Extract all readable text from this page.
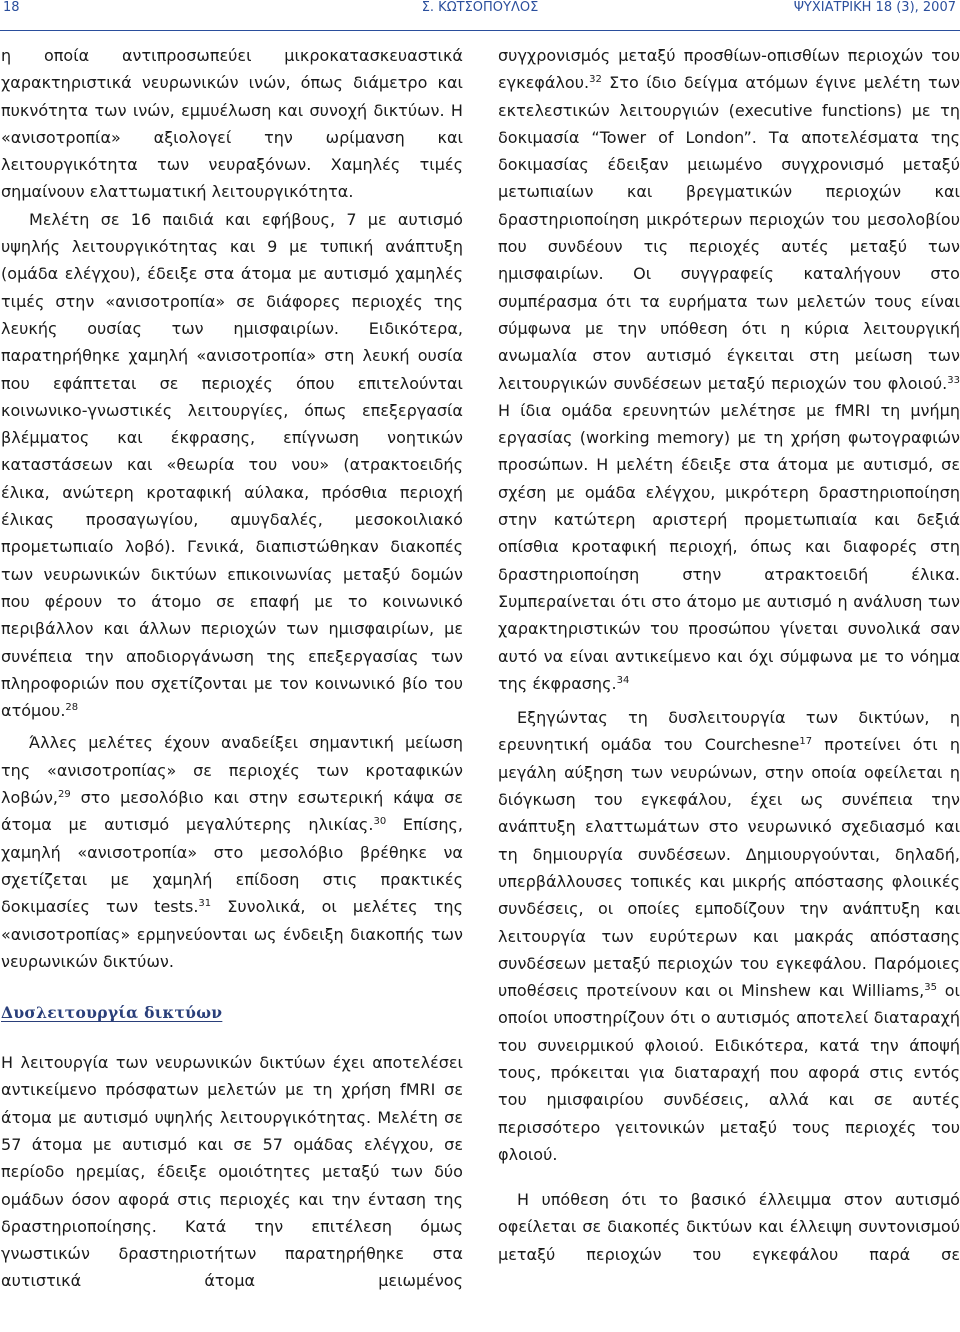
18	Σ. ΚΩΤΣΟΠΟΥΛΟΣ	ΨΥΧΙΑΤΡΙΚΗ 18 (3), 2007

η οποία αντιπροσωπεύει μικροκατασκευαστικά χαρακτηριστικά νευρωνικών ινών, όπως διάμετρο και πυκνότητα των ινών, εμμυέλωση και συνοχή δικτύων. Η «ανισοτροπία» αξιολογεί την ωρίμανση και λειτουργικότητα των νευραξόνων. Χαμηλές τιμές σημαίνουν ελαττωματική λειτουργικότητα.

Μελέτη σε 16 παιδιά και εφήβους, 7 με αυτισμό υψηλής λειτουργικότητας και 9 με τυπική ανάπτυξη (ομάδα ελέγχου), έδειξε στα άτομα με αυτισμό χαμηλές τιμές στην «ανισοτροπία» σε διάφορες περιοχές της λευκής ουσίας των ημισφαιρίων. Ειδικότερα, παρατηρήθηκε χαμηλή «ανισοτροπία» στη λευκή ουσία που εφάπτεται σε περιοχές όπου επιτελούνται κοινωνικο-γνωστικές λειτουργίες, όπως επεξεργασία βλέμματος και έκφρασης, επίγνωση νοητικών καταστάσεων και «θεωρία του νου» (ατρακτοειδής έλικα, ανώτερη κροταφική αύλακα, πρόσθια περιοχή έλικας προσαγωγίου, αμυγδαλές, μεσοκοιλιακό προμετωπιαίο λοβό). Γενικά, διαπιστώθηκαν διακοπές των νευρωνικών δικτύων επικοινωνίας μεταξύ δομών που φέρουν το άτομο σε επαφή με το κοινωνικό περιβάλλον και άλλων περιοχών των ημισφαιρίων, με συνέπεια την αποδιοργάνωση της επεξεργασίας των πληροφοριών που σχετίζονται με τον κοινωνικό βίο του ατόμου.$^{28}$

Άλλες μελέτες έχουν αναδείξει σημαντική μείωση της «ανισοτροπίας» σε περιοχές των κροταφικών λοβών,$^{29}$ στο μεσολόβιο και στην εσωτερική κάψα σε άτομα με αυτισμό μεγαλύτερης ηλικίας.$^{30}$ Επίσης, χαμηλή «ανισοτροπία» στο μεσολόβιο βρέθηκε να σχετίζεται με χαμηλή επίδοση στις πρακτικές δοκιμασίες των tests.$^{31}$ Συνολικά, οι μελέτες της «ανισοτροπίας» ερμηνεύονται ως ένδειξη διακοπής των νευρωνικών δικτύων.

Δυσλειτουργία δικτύων

Η λειτουργία των νευρωνικών δικτύων έχει αποτελέσει αντικείμενο πρόσφατων μελετών με τη χρήση fMRI σε άτομα με αυτισμό υψηλής λειτουργικότητας. Μελέτη σε 57 άτομα με αυτισμό και σε 57 ομάδας ελέγχου, σε περίοδο ηρεμίας, έδειξε ομοιότητες μεταξύ των δύο ομάδων όσον αφορά στις περιοχές και την ένταση της δραστηριοποίησης. Κατά την επιτέλεση όμως γνωστικών δραστηριοτήτων παρατηρήθηκε στα αυτιστικά άτομα μειωμένος

συγχρονισμός μεταξύ προσθίων-οπισθίων περιοχών του εγκεφάλου.$^{32}$ Στο ίδιο δείγμα ατόμων έγινε μελέτη των εκτελεστικών λειτουργιών (executive functions) με τη δοκιμασία “Tower of London”. Τα αποτελέσματα της δοκιμασίας έδειξαν μειωμένο συγχρονισμό μεταξύ μετωπιαίων και βρεγματικών περιοχών και δραστηριοποίηση μικρότερων περιοχών του μεσολοβίου που συνδέουν τις περιοχές αυτές μεταξύ των ημισφαιρίων. Οι συγγραφείς καταλήγουν στο συμπέρασμα ότι τα ευρήματα των μελετών τους είναι σύμφωνα με την υπόθεση ότι η κύρια λειτουργική ανωμαλία στον αυτισμό έγκειται στη μείωση των λειτουργικών συνδέσεων μεταξύ περιοχών του φλοιού.$^{33}$ Η ίδια ομάδα ερευνητών μελέτησε με fMRI τη μνήμη εργασίας (working memory) με τη χρήση φωτογραφιών προσώπων. Η μελέτη έδειξε στα άτομα με αυτισμό, σε σχέση με ομάδα ελέγχου, μικρότερη δραστηριοποίηση στην κατώτερη αριστερή προμετωπιαία και δεξιά οπίσθια κροταφική περιοχή, όπως και διαφορές στη δραστηριοποίηση στην ατρακτοειδή έλικα. Συμπεραίνεται ότι στο άτομο με αυτισμό η ανάλυση των χαρακτηριστικών του προσώπου γίνεται συνολικά σαν αυτό να είναι αντικείμενο και όχι σύμφωνα με το νόημα της έκφρασης.$^{34}$

Εξηγώντας τη δυσλειτουργία των δικτύων, η ερευνητική ομάδα του Courchesne$^{17}$ προτείνει ότι η μεγάλη αύξηση των νευρώνων, στην οποία οφείλεται η διόγκωση του εγκεφάλου, έχει ως συνέπεια την ανάπτυξη ελαττωμάτων στο νευρωνικό σχεδιασμό και τη δημιουργία συνδέσεων. Δημιουργούνται, δηλαδή, υπερβάλλουσες τοπικές και μικρής απόστασης φλοιικές συνδέσεις, οι οποίες εμποδίζουν την ανάπτυξη και λειτουργία των ευρύτερων και μακράς απόστασης συνδέσεων μεταξύ περιοχών του εγκεφάλου. Παρόμοιες υποθέσεις προτείνουν και οι Minshew και Williams,$^{35}$ οι οποίοι υποστηρίζουν ότι ο αυτισμός αποτελεί διαταραχή του συνειρμικού φλοιού. Ειδικότερα, κατά την άποψή τους, πρόκειται για διαταραχή που αφορά στις εντός του ημισφαιρίου συνδέσεις, αλλά και σε αυτές περισσότερο γειτονικών μεταξύ τους περιοχές του φλοιού.

Η υπόθεση ότι το βασικό έλλειμμα στον αυτισμό οφείλεται σε διακοπές δικτύων και έλλειψη συντονισμού μεταξύ περιοχών του εγκεφάλου παρά σε
